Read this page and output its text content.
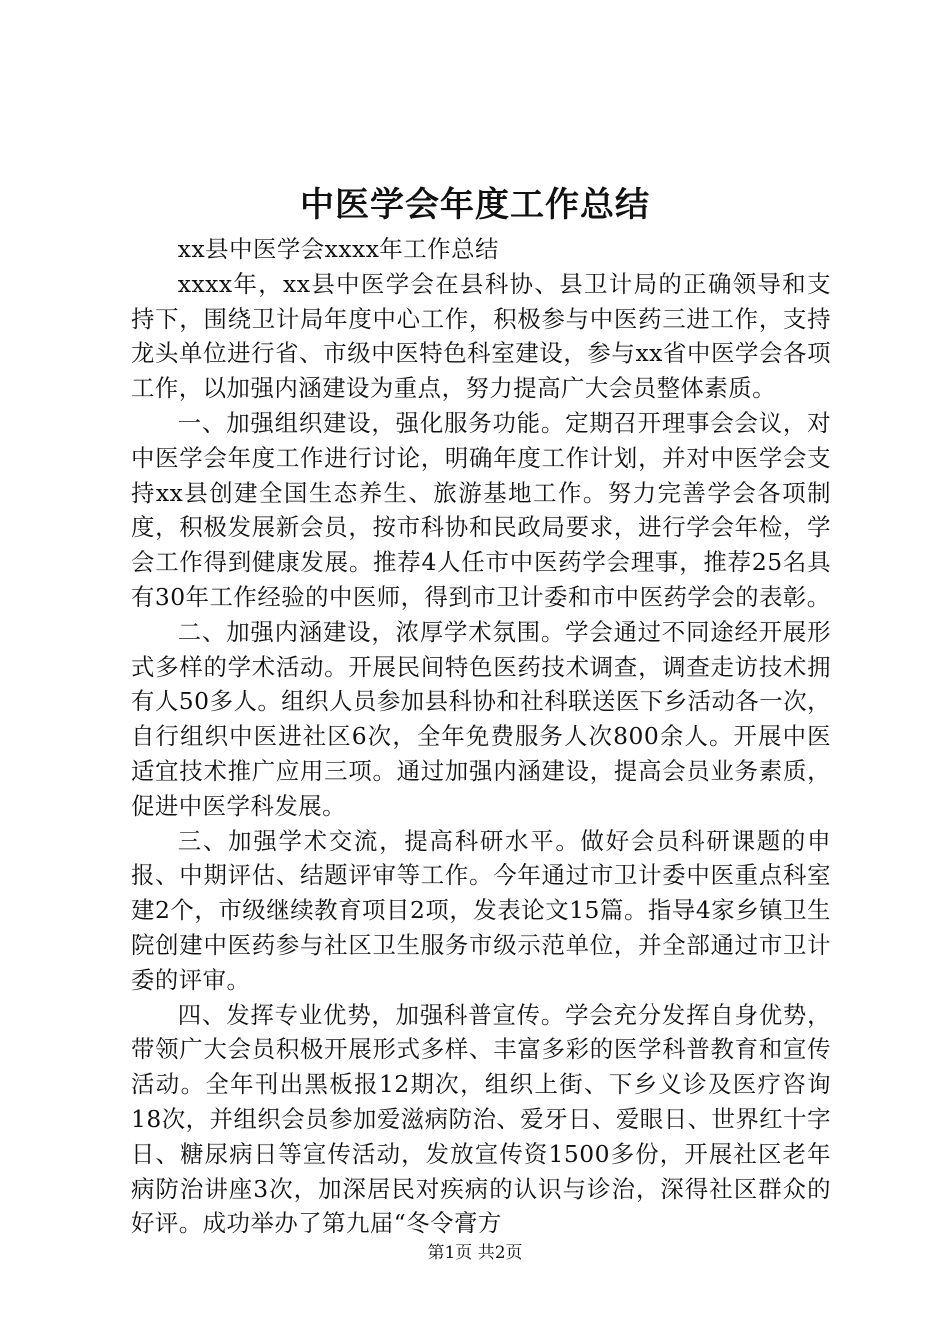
中医学会年度工作总结

xx县中医学会xxxx年工作总结

xxxx年，xx县中医学会在县科协、县卫计局的正确领导和支持下，围绕卫计局年度中心工作，积极参与中医药三进工作，支持龙头单位进行省、市级中医特色科室建设，参与xx省中医学会各项工作，以加强内涵建设为重点，努力提高广大会员整体素质。

一、加强组织建设，强化服务功能。定期召开理事会会议，对中医学会年度工作进行讨论，明确年度工作计划，并对中医学会支持xx县创建全国生态养生、旅游基地工作。努力完善学会各项制度，积极发展新会员，按市科协和民政局要求，进行学会年检，学会工作得到健康发展。推荐4人任市中医药学会理事，推荐25名具有30年工作经验的中医师，得到市卫计委和市中医药学会的表彰。

二、加强内涵建设，浓厚学术氛围。学会通过不同途经开展形式多样的学术活动。开展民间特色医药技术调查，调查走访技术拥有人50多人。组织人员参加县科协和社科联送医下乡活动各一次，自行组织中医进社区6次，全年免费服务人次800余人。开展中医适宜技术推广应用三项。通过加强内涵建设，提高会员业务素质，促进中医学科发展。

三、加强学术交流，提高科研水平。做好会员科研课题的申报、中期评估、结题评审等工作。今年通过市卫计委中医重点科室建2个，市级继续教育项目2项，发表论文15篇。指导4家乡镇卫生院创建中医药参与社区卫生服务市级示范单位，并全部通过市卫计委的评审。

四、发挥专业优势，加强科普宣传。学会充分发挥自身优势，带领广大会员积极开展形式多样、丰富多彩的医学科普教育和宣传活动。全年刊出黑板报12期次，组织上街、下乡义诊及医疗咨询18次，并组织会员参加爱滋病防治、爱牙日、爱眼日、世界红十字日、糖尿病日等宣传活动，发放宣传资1500多份，开展社区老年病防治讲座3次，加深居民对疾病的认识与诊治，深得社区群众的好评。成功举办了第九届“冬令膏方

第1页 共2页
